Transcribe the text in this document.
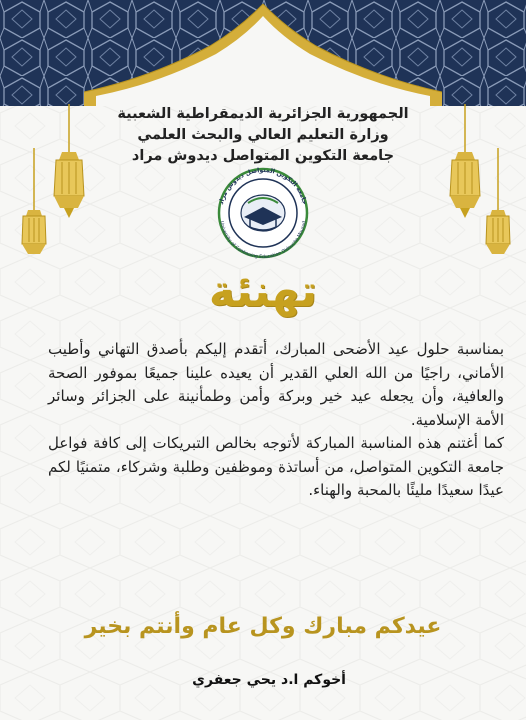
الجمهورية الجزائرية الديمقراطية الشعبية
وزارة التعليم العالي والبحث العلمي
جامعة التكوين المتواصل ديدوش مراد
جامعة التكوين المتواصل ديدوش مراد
University of Continuing Education Didouche Mourad
تهنئة

بمناسبة حلول عيد الأضحى المبارك، أتقدم إليكم بأصدق التهاني وأطيب الأماني، راجيًا من الله العلي القدير أن يعيده علينا جميعًا بموفور الصحة والعافية، وأن يجعله عيد خير وبركة وأمن وطمأنينة على الجزائر وسائر الأمة الإسلامية.

كما أغتنم هذه المناسبة المباركة لأتوجه بخالص التبريكات إلى كافة فواعل جامعة التكوين المتواصل، من أساتذة وموظفين وطلبة وشركاء، متمنيًا لكم عيدًا سعيدًا مليئًا بالمحبة والهناء.

عيدكم مبارك وكل عام وأنتم بخير
أخوكم ا.د يحي جعفري
